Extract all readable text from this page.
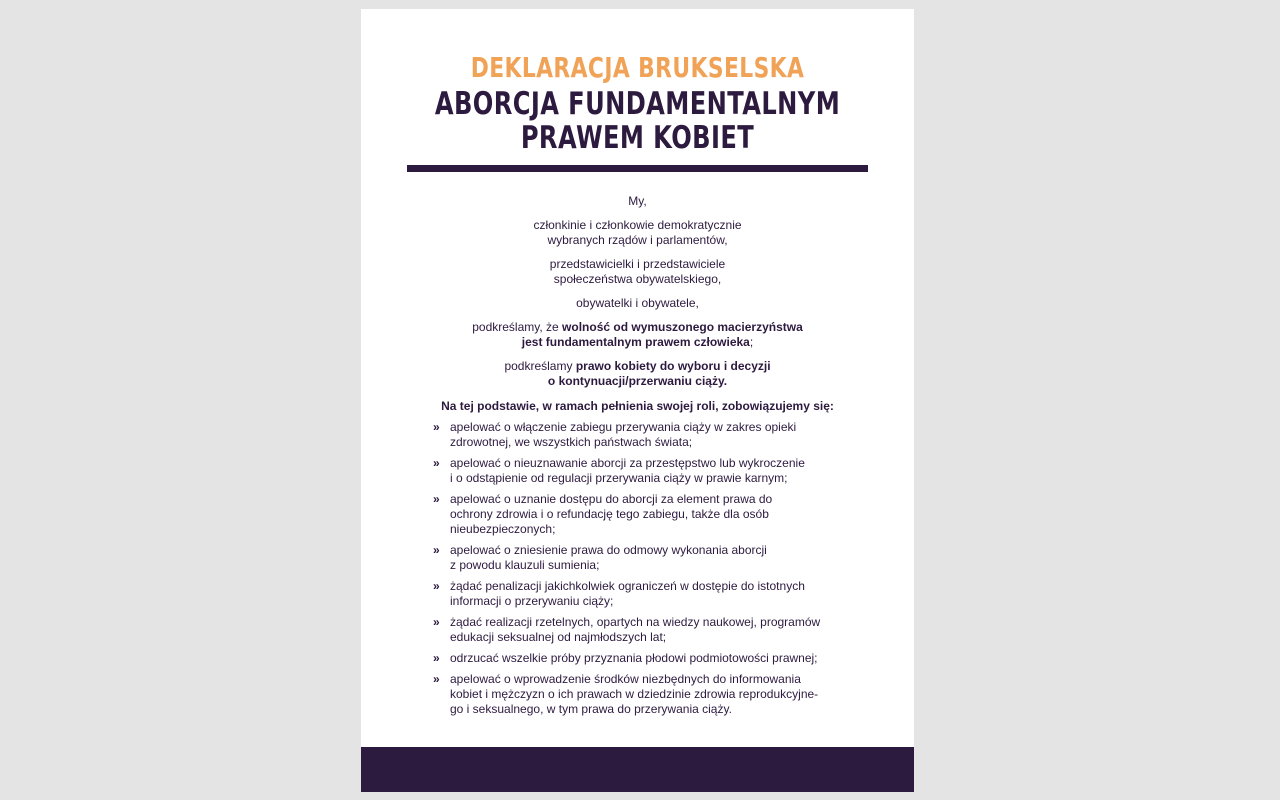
DEKLARACJA BRUKSELSKA
ABORCJA FUNDAMENTALNYM
PRAWEM KOBIET

My,

członkinie i członkowie demokratycznie
wybranych rządów i parlamentów,

przedstawicielki i przedstawiciele
społeczeństwa obywatelskiego,

obywatelki i obywatele,

podkreślamy, że wolność od wymuszonego macierzyństwa
jest fundamentalnym prawem człowieka;

podkreślamy prawo kobiety do wyboru i decyzji
o kontynuacji/przerwaniu ciąży.

Na tej podstawie, w ramach pełnienia swojej roli, zobowiązujemy się:
» apelować o włączenie zabiegu przerywania ciąży w zakres opieki
zdrowotnej, we wszystkich państwach świata;
» apelować o nieuznawanie aborcji za przestępstwo lub wykroczenie
i o odstąpienie od regulacji przerywania ciąży w prawie karnym;
» apelować o uznanie dostępu do aborcji za element prawa do
ochrony zdrowia i o refundację tego zabiegu, także dla osób
nieubezpieczonych;
» apelować o zniesienie prawa do odmowy wykonania aborcji
z powodu klauzuli sumienia;
» żądać penalizacji jakichkolwiek ograniczeń w dostępie do istotnych
informacji o przerywaniu ciąży;
» żądać realizacji rzetelnych, opartych na wiedzy naukowej, programów
edukacji seksualnej od najmłodszych lat;
» odrzucać wszelkie próby przyznania płodowi podmiotowości prawnej;
» apelować o wprowadzenie środków niezbędnych do informowania
kobiet i mężczyzn o ich prawach w dziedzinie zdrowia reprodukcyjne-
go i seksualnego, w tym prawa do przerywania ciąży.
